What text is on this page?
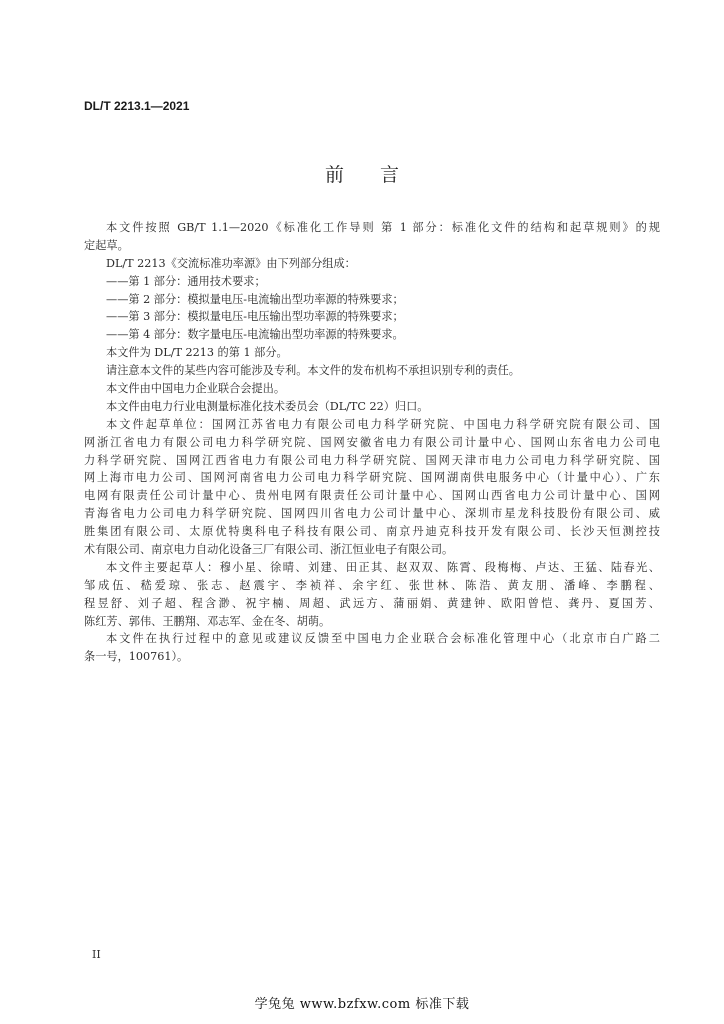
DL/T 2213.1—2021
前言
本文件按照 GB/T 1.1—2020《标准化工作导则 第 1 部分：标准化文件的结构和起草规则》的规
定起草。
DL/T 2213《交流标准功率源》由下列部分组成：
——第 1 部分：通用技术要求；
——第 2 部分：模拟量电压-电流输出型功率源的特殊要求；
——第 3 部分：模拟量电压-电压输出型功率源的特殊要求；
——第 4 部分：数字量电压-电流输出型功率源的特殊要求。
本文件为 DL/T 2213 的第 1 部分。
请注意本文件的某些内容可能涉及专利。本文件的发布机构不承担识别专利的责任。
本文件由中国电力企业联合会提出。
本文件由电力行业电测量标准化技术委员会（DL/TC 22）归口。
本文件起草单位：国网江苏省电力有限公司电力科学研究院、中国电力科学研究院有限公司、国
网浙江省电力有限公司电力科学研究院、国网安徽省电力有限公司计量中心、国网山东省电力公司电
力科学研究院、国网江西省电力有限公司电力科学研究院、国网天津市电力公司电力科学研究院、国
网上海市电力公司、国网河南省电力公司电力科学研究院、国网湖南供电服务中心（计量中心）、广东
电网有限责任公司计量中心、贵州电网有限责任公司计量中心、国网山西省电力公司计量中心、国网
青海省电力公司电力科学研究院、国网四川省电力公司计量中心、深圳市星龙科技股份有限公司、威
胜集团有限公司、太原优特奥科电子科技有限公司、南京丹迪克科技开发有限公司、长沙天恒测控技
术有限公司、南京电力自动化设备三厂有限公司、浙江恒业电子有限公司。
本文件主要起草人：穆小星、徐晴、刘建、田正其、赵双双、陈霄、段梅梅、卢达、王猛、陆春光、
邹成伍、嵇爱琼、张志、赵震宇、李祯祥、余宇红、张世林、陈浩、黄友朋、潘峰、李鹏程、
程昱舒、刘子超、程含渺、祝宇楠、周超、武远方、蒲丽娟、黄建钟、欧阳曾恺、龚丹、夏国芳、
陈红芳、郭伟、王鹏翔、邓志军、金在冬、胡萌。
本文件在执行过程中的意见或建议反馈至中国电力企业联合会标准化管理中心（北京市白广路二
条一号，100761）。
II
学兔兔 www.bzfxw.com 标准下载
